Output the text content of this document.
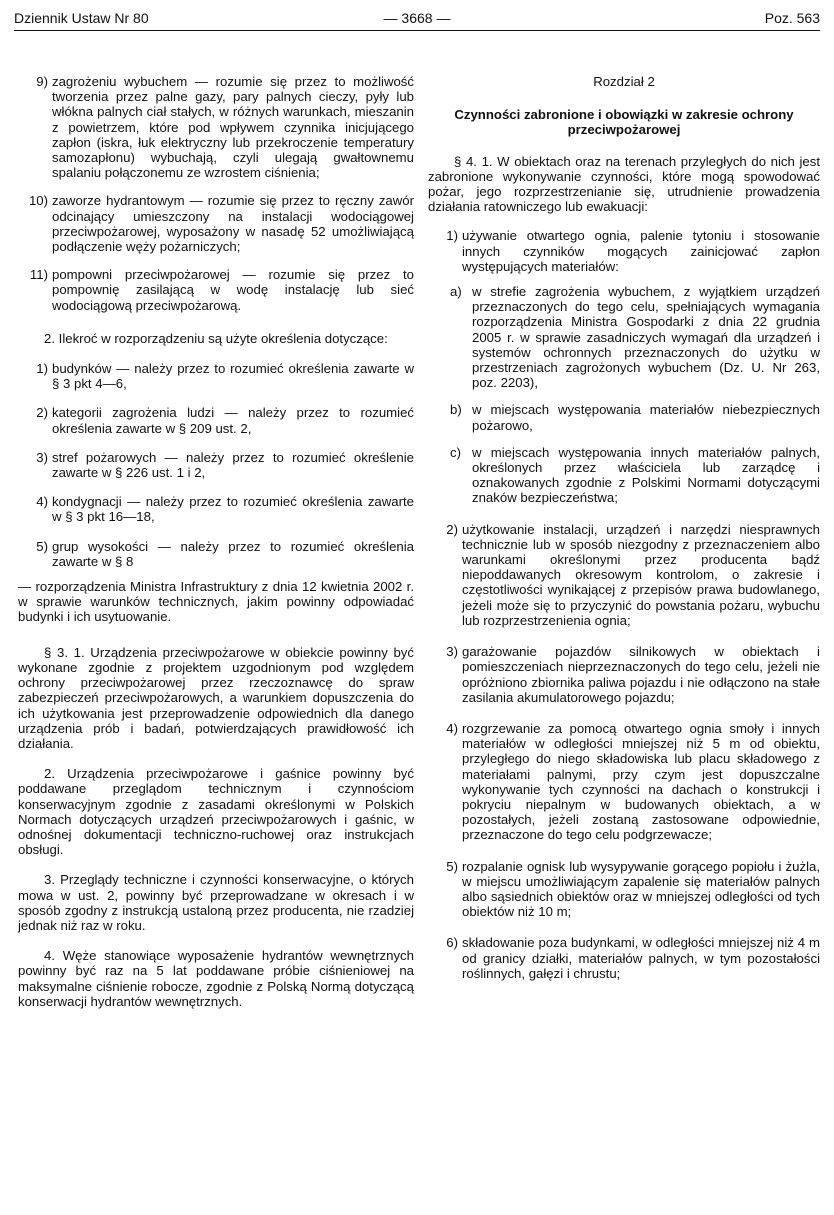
Dziennik Ustaw Nr 80	— 3668 —	Poz. 563
9) zagrożeniu wybuchem — rozumie się przez to możliwość tworzenia przez palne gazy, pary palnych cieczy, pyły lub włókna palnych ciał stałych, w różnych warunkach, mieszanin z powietrzem, które pod wpływem czynnika inicjującego zapłon (iskra, łuk elektryczny lub przekroczenie temperatury samozapłonu) wybuchają, czyli ulegają gwałtownemu spalaniu połączonemu ze wzrostem ciśnienia;

10) zaworze hydrantowym — rozumie się przez to ręczny zawór odcinający umieszczony na instalacji wodociągowej przeciwpożarowej, wyposażony w nasadę 52 umożliwiającą podłączenie węży pożarniczych;

11) pompowni przeciwpożarowej — rozumie się przez to pompownię zasilającą w wodę instalację lub sieć wodociągową przeciwpożarową.

2. Ilekroć w rozporządzeniu są użyte określenia dotyczące:

1) budynków — należy przez to rozumieć określenia zawarte w § 3 pkt 4—6,

2) kategorii zagrożenia ludzi — należy przez to rozumieć określenia zawarte w § 209 ust. 2,

3) stref pożarowych — należy przez to rozumieć określenie zawarte w § 226 ust. 1 i 2,

4) kondygnacji — należy przez to rozumieć określenia zawarte w § 3 pkt 16—18,

5) grup wysokości — należy przez to rozumieć określenia zawarte w § 8

— rozporządzenia Ministra Infrastruktury z dnia 12 kwietnia 2002 r. w sprawie warunków technicznych, jakim powinny odpowiadać budynki i ich usytuowanie.

§ 3. 1. Urządzenia przeciwpożarowe w obiekcie powinny być wykonane zgodnie z projektem uzgodnionym pod względem ochrony przeciwpożarowej przez rzeczoznawcę do spraw zabezpieczeń przeciwpożarowych, a warunkiem dopuszczenia do ich użytkowania jest przeprowadzenie odpowiednich dla danego urządzenia prób i badań, potwierdzających prawidłowość ich działania.

2. Urządzenia przeciwpożarowe i gaśnice powinny być poddawane przeglądom technicznym i czynnościom konserwacyjnym zgodnie z zasadami określonymi w Polskich Normach dotyczących urządzeń przeciwpożarowych i gaśnic, w odnośnej dokumentacji techniczno-ruchowej oraz instrukcjach obsługi.

3. Przeglądy techniczne i czynności konserwacyjne, o których mowa w ust. 2, powinny być przeprowadzane w okresach i w sposób zgodny z instrukcją ustaloną przez producenta, nie rzadziej jednak niż raz w roku.

4. Węże stanowiące wyposażenie hydrantów wewnętrznych powinny być raz na 5 lat poddawane próbie ciśnieniowej na maksymalne ciśnienie robocze, zgodnie z Polską Normą dotyczącą konserwacji hydrantów wewnętrznych.

Rozdział 2
Czynności zabronione i obowiązki w zakresie ochrony przeciwpożarowej

§ 4. 1. W obiektach oraz na terenach przyległych do nich jest zabronione wykonywanie czynności, które mogą spowodować pożar, jego rozprzestrzenianie się, utrudnienie prowadzenia działania ratowniczego lub ewakuacji:

1) używanie otwartego ognia, palenie tytoniu i stosowanie innych czynników mogących zainicjować zapłon występujących materiałów:

a) w strefie zagrożenia wybuchem, z wyjątkiem urządzeń przeznaczonych do tego celu, spełniających wymagania rozporządzenia Ministra Gospodarki z dnia 22 grudnia 2005 r. w sprawie zasadniczych wymagań dla urządzeń i systemów ochronnych przeznaczonych do użytku w przestrzeniach zagrożonych wybuchem (Dz. U. Nr 263, poz. 2203),

b) w miejscach występowania materiałów niebezpiecznych pożarowo,

c) w miejscach występowania innych materiałów palnych, określonych przez właściciela lub zarządcę i oznakowanych zgodnie z Polskimi Normami dotyczącymi znaków bezpieczeństwa;

2) użytkowanie instalacji, urządzeń i narzędzi niesprawnych technicznie lub w sposób niezgodny z przeznaczeniem albo warunkami określonymi przez producenta bądź niepoddawanych okresowym kontrolom, o zakresie i częstotliwości wynikającej z przepisów prawa budowlanego, jeżeli może się to przyczynić do powstania pożaru, wybuchu lub rozprzestrzenienia ognia;

3) garażowanie pojazdów silnikowych w obiektach i pomieszczeniach nieprzeznaczonych do tego celu, jeżeli nie opróżniono zbiornika paliwa pojazdu i nie odłączono na stałe zasilania akumulatorowego pojazdu;

4) rozgrzewanie za pomocą otwartego ognia smoły i innych materiałów w odległości mniejszej niż 5 m od obiektu, przyległego do niego składowiska lub placu składowego z materiałami palnymi, przy czym jest dopuszczalne wykonywanie tych czynności na dachach o konstrukcji i pokryciu niepalnym w budowanych obiektach, a w pozostałych, jeżeli zostaną zastosowane odpowiednie, przeznaczone do tego celu podgrzewacze;

5) rozpalanie ognisk lub wysypywanie gorącego popiołu i żużla, w miejscu umożliwiającym zapalenie się materiałów palnych albo sąsiednich obiektów oraz w mniejszej odległości od tych obiektów niż 10 m;

6) składowanie poza budynkami, w odległości mniejszej niż 4 m od granicy działki, materiałów palnych, w tym pozostałości roślinnych, gałęzi i chrustu;
